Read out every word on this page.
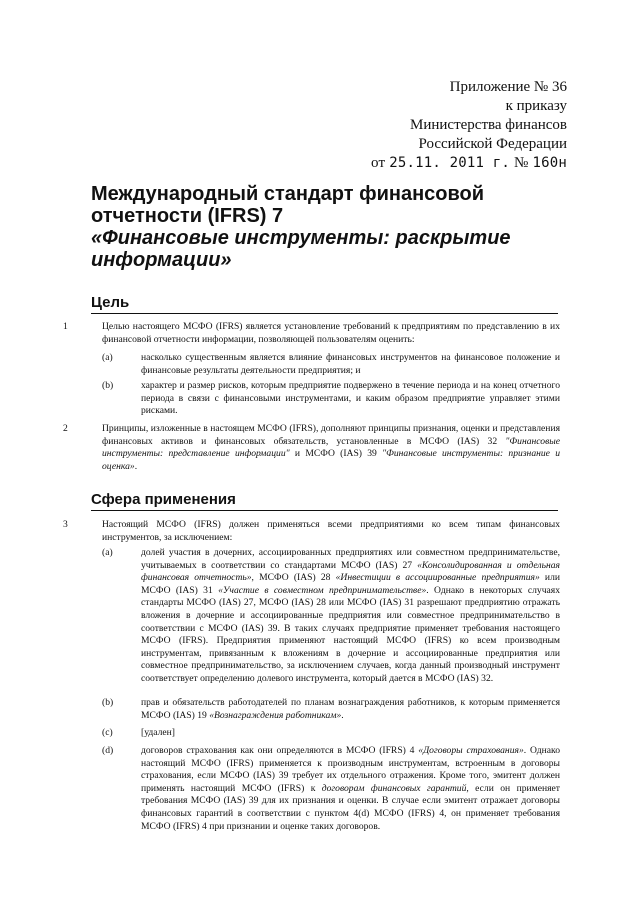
Приложение № 36
к приказу
Министерства финансов
Российской Федерации
от 25.11. 2011 г. № 160н
Международный стандарт финансовой отчетности (IFRS) 7
«Финансовые инструменты: раскрытие информации»
Цель
1	Целью настоящего МСФО (IFRS) является установление требований к предприятиям по представлению в их финансовой отчетности информации, позволяющей пользователям оценить:
(a)	насколько существенным является влияние финансовых инструментов на финансовое положение и финансовые результаты деятельности предприятия; и
(b)	характер и размер рисков, которым предприятие подвержено в течение периода и на конец отчетного периода в связи с финансовыми инструментами, и каким образом предприятие управляет этими рисками.
2	Принципы, изложенные в настоящем МСФО (IFRS), дополняют принципы признания, оценки и представления финансовых активов и финансовых обязательств, установленные в МСФО (IAS) 32 "Финансовые инструменты: представление информации" и МСФО (IAS) 39 "Финансовые инструменты: признание и оценка».
Сфера применения
3	Настоящий МСФО (IFRS) должен применяться всеми предприятиями ко всем типам финансовых инструментов, за исключением:
(a)	долей участия в дочерних, ассоциированных предприятиях или совместном предпринимательстве, учитываемых в соответствии со стандартами МСФО (IAS) 27 «Консолидированная и отдельная финансовая отчетность», МСФО (IAS) 28 «Инвестиции в ассоциированные предприятия» или МСФО (IAS) 31 «Участие в совместном предпринимательстве». Однако в некоторых случаях стандарты МСФО (IAS) 27, МСФО (IAS) 28 или МСФО (IAS) 31 разрешают предприятию отражать вложения в дочерние и ассоциированные предприятия или совместное предпринимательство в соответствии с МСФО (IAS) 39. В таких случаях предприятие применяет требования настоящего МСФО (IFRS). Предприятия применяют настоящий МСФО (IFRS) ко всем производным инструментам, привязанным к вложениям в дочерние и ассоциированные предприятия или совместное предпринимательство, за исключением случаев, когда данный производный инструмент соответствует определению долевого инструмента, который дается в МСФО (IAS) 32.
(b)	прав и обязательств работодателей по планам вознаграждения работников, к которым применяется МСФО (IAS) 19 «Вознаграждения работникам».
(c)	[удален]
(d)	договоров страхования как они определяются в МСФО (IFRS) 4 «Договоры страхования». Однако настоящий МСФО (IFRS) применяется к производным инструментам, встроенным в договоры страхования, если МСФО (IAS) 39 требует их отдельного отражения. Кроме того, эмитент должен применять настоящий МСФО (IFRS) к договорам финансовых гарантий, если он применяет требования МСФО (IAS) 39 для их признания и оценки. В случае если эмитент отражает договоры финансовых гарантий в соответствии с пунктом 4(d) МСФО (IFRS) 4, он применяет требования МСФО (IFRS) 4 при признании и оценке таких договоров.
